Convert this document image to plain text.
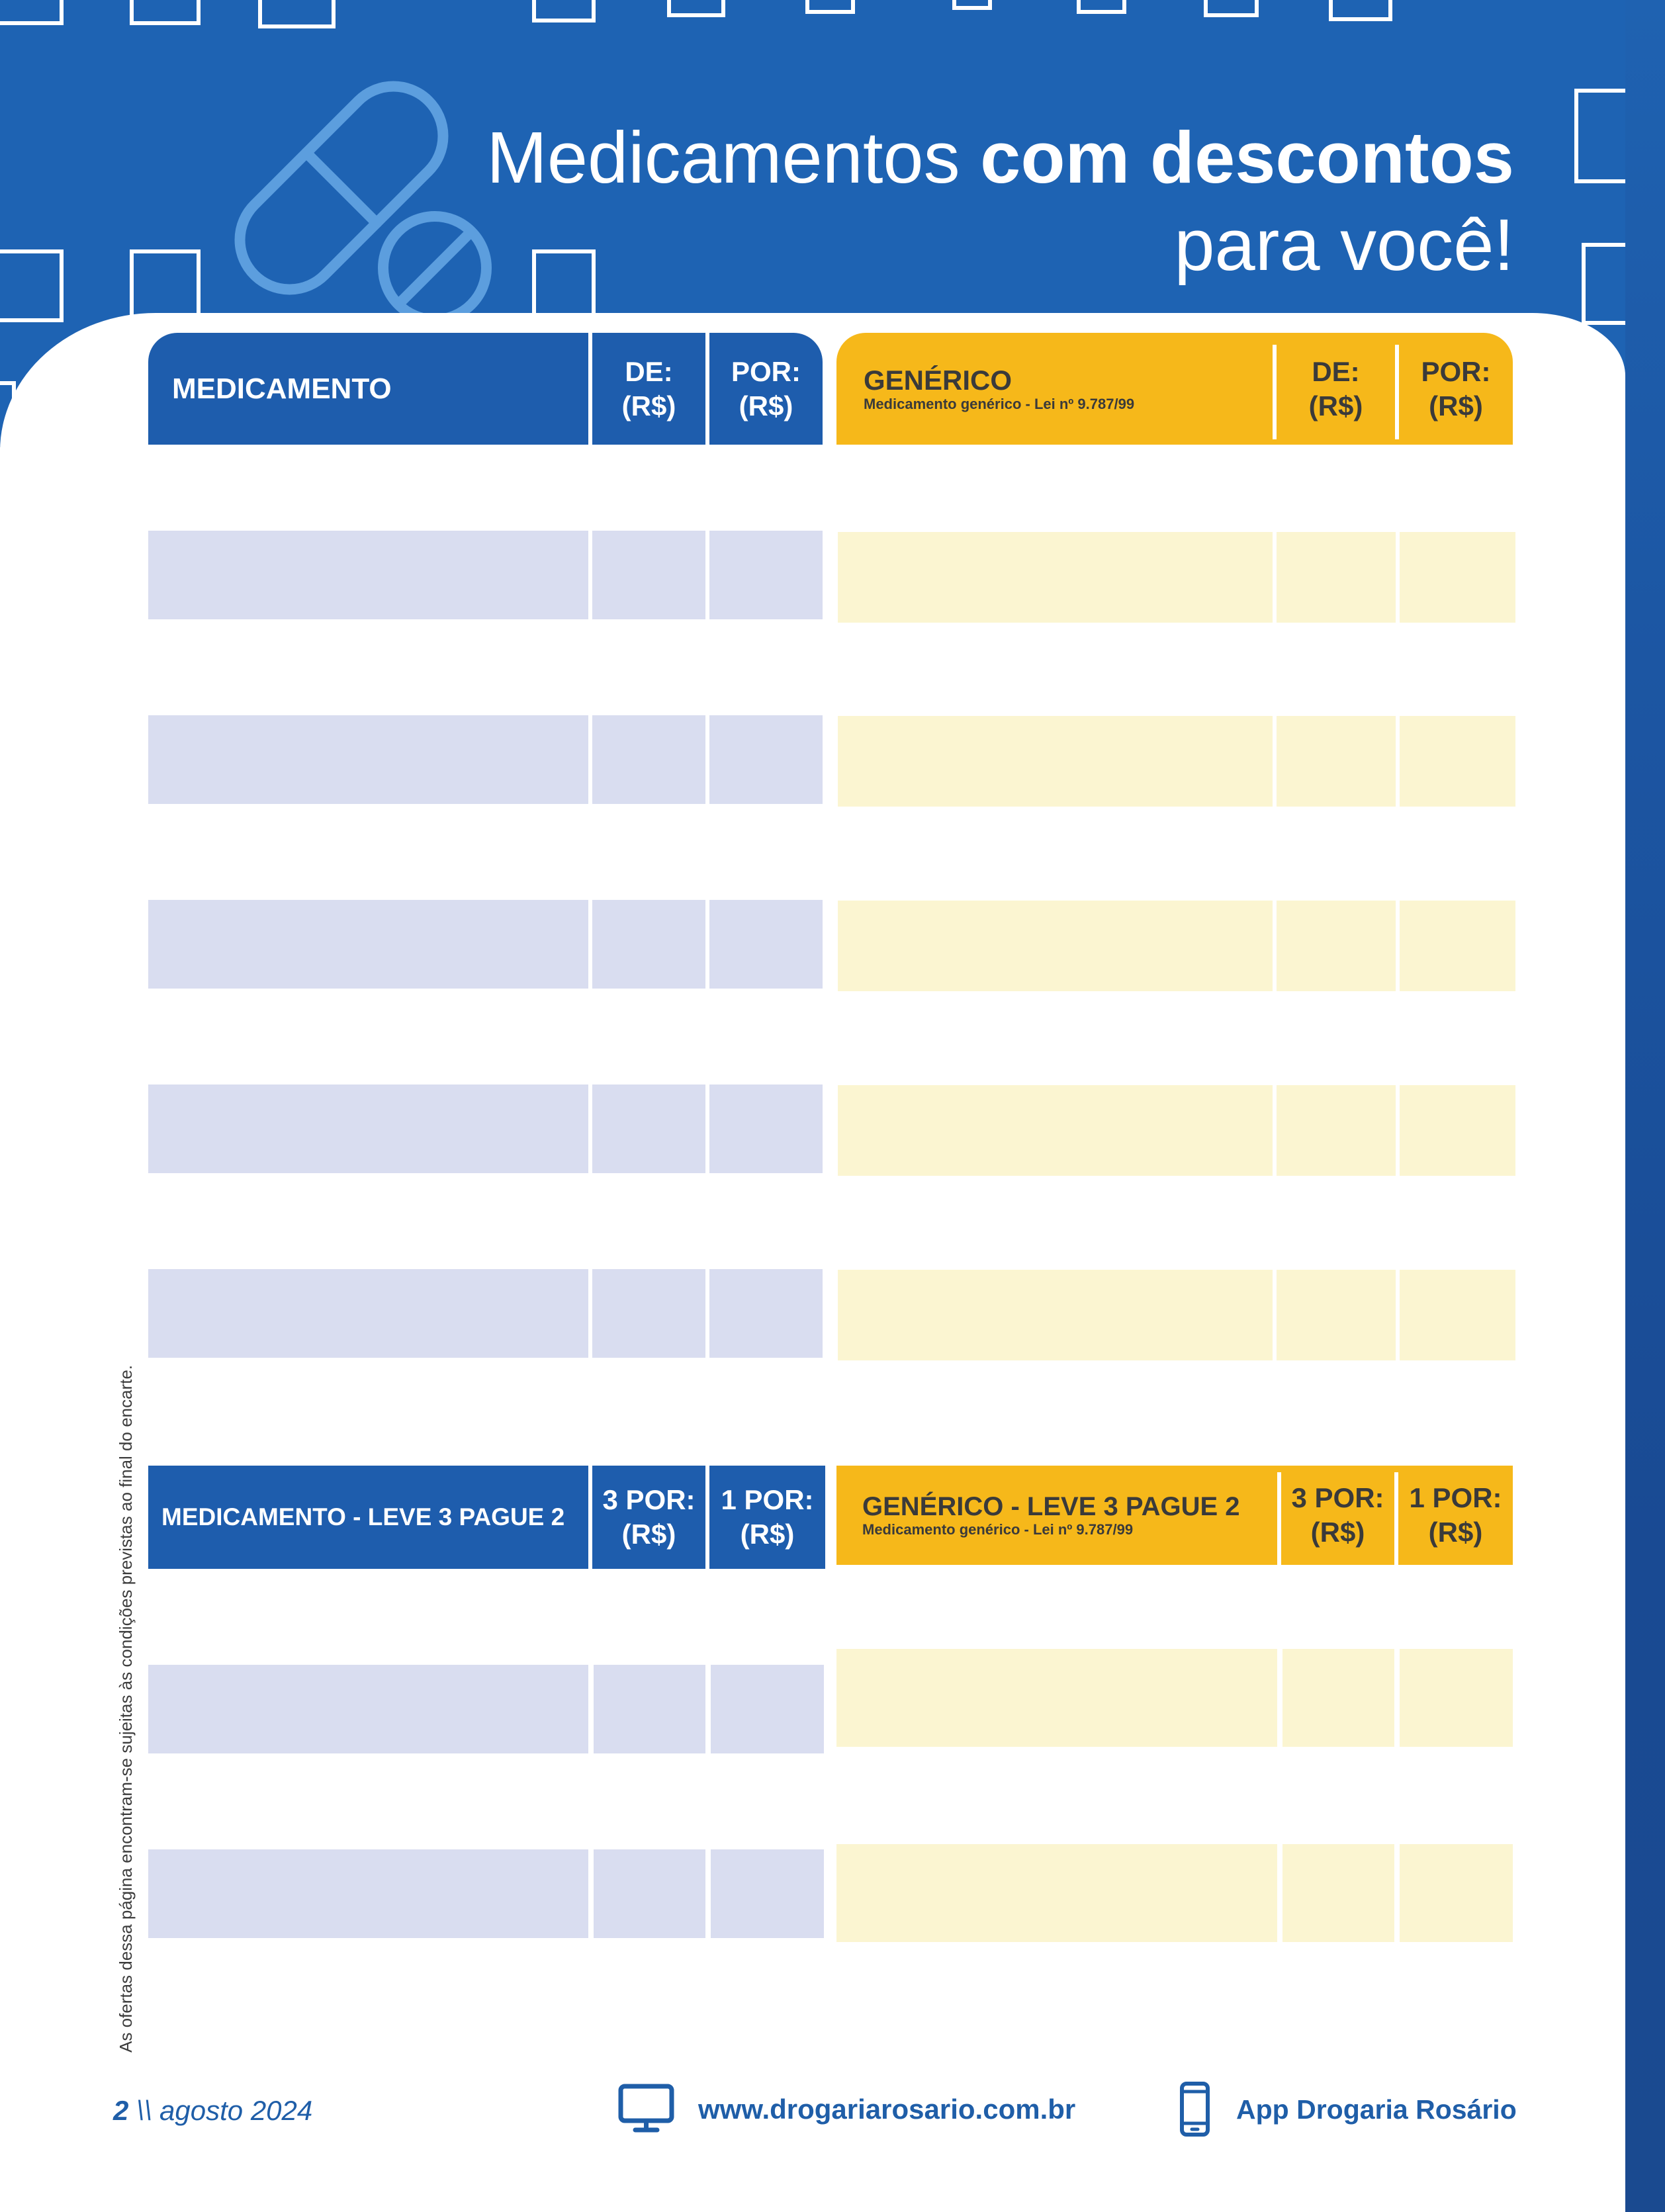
Medicamentos com descontos
para você!
MEDICAMENTO
DE:
(R$)
POR:
(R$)
GENÉRICO
Medicamento genérico - Lei nº 9.787/99
DE:
(R$)
POR:
(R$)
MEDICAMENTO - LEVE 3 PAGUE 2
3 POR:
(R$)
1 POR:
(R$)
GENÉRICO - LEVE 3 PAGUE 2
Medicamento genérico - Lei nº 9.787/99
3 POR:
(R$)
1 POR:
(R$)
As ofertas dessa página encontram-se sujeitas às condições previstas ao final do encarte.
2 \\ agosto 2024	www.drogariarosario.com.br	App Drogaria Rosário
